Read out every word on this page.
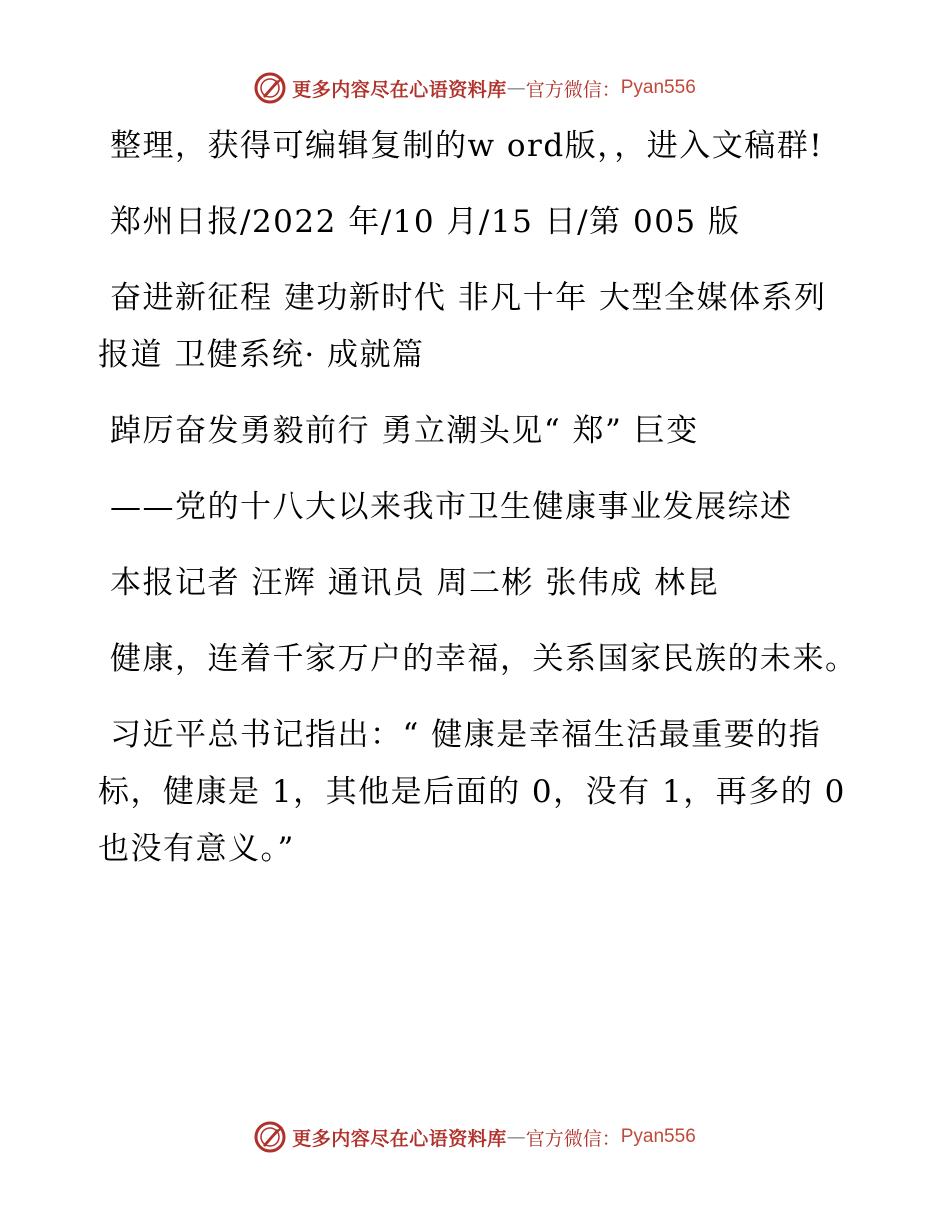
更多内容尽在心语资料库 — 官方微信： Pyan556

整理，获得可编辑复制的w ord版，，进入文稿群!

郑州日报/2022 年/10 月/15 日/第 005 版

奋进新征程 建功新时代 非凡十年 大型全媒体系列报道 卫健系统· 成就篇

踔厉奋发勇毅前行 勇立潮头见“ 郑” 巨变

——党的十八大以来我市卫生健康事业发展综述

本报记者 汪辉 通讯员 周二彬 张伟成 林昆

健康，连着千家万户的幸福，关系国家民族的未来。

习近平总书记指出：“ 健康是幸福生活最重要的指标，健康是 1，其他是后面的 0，没有 1，再多的 0 也没有意义。”

更多内容尽在心语资料库 — 官方微信： Pyan556
